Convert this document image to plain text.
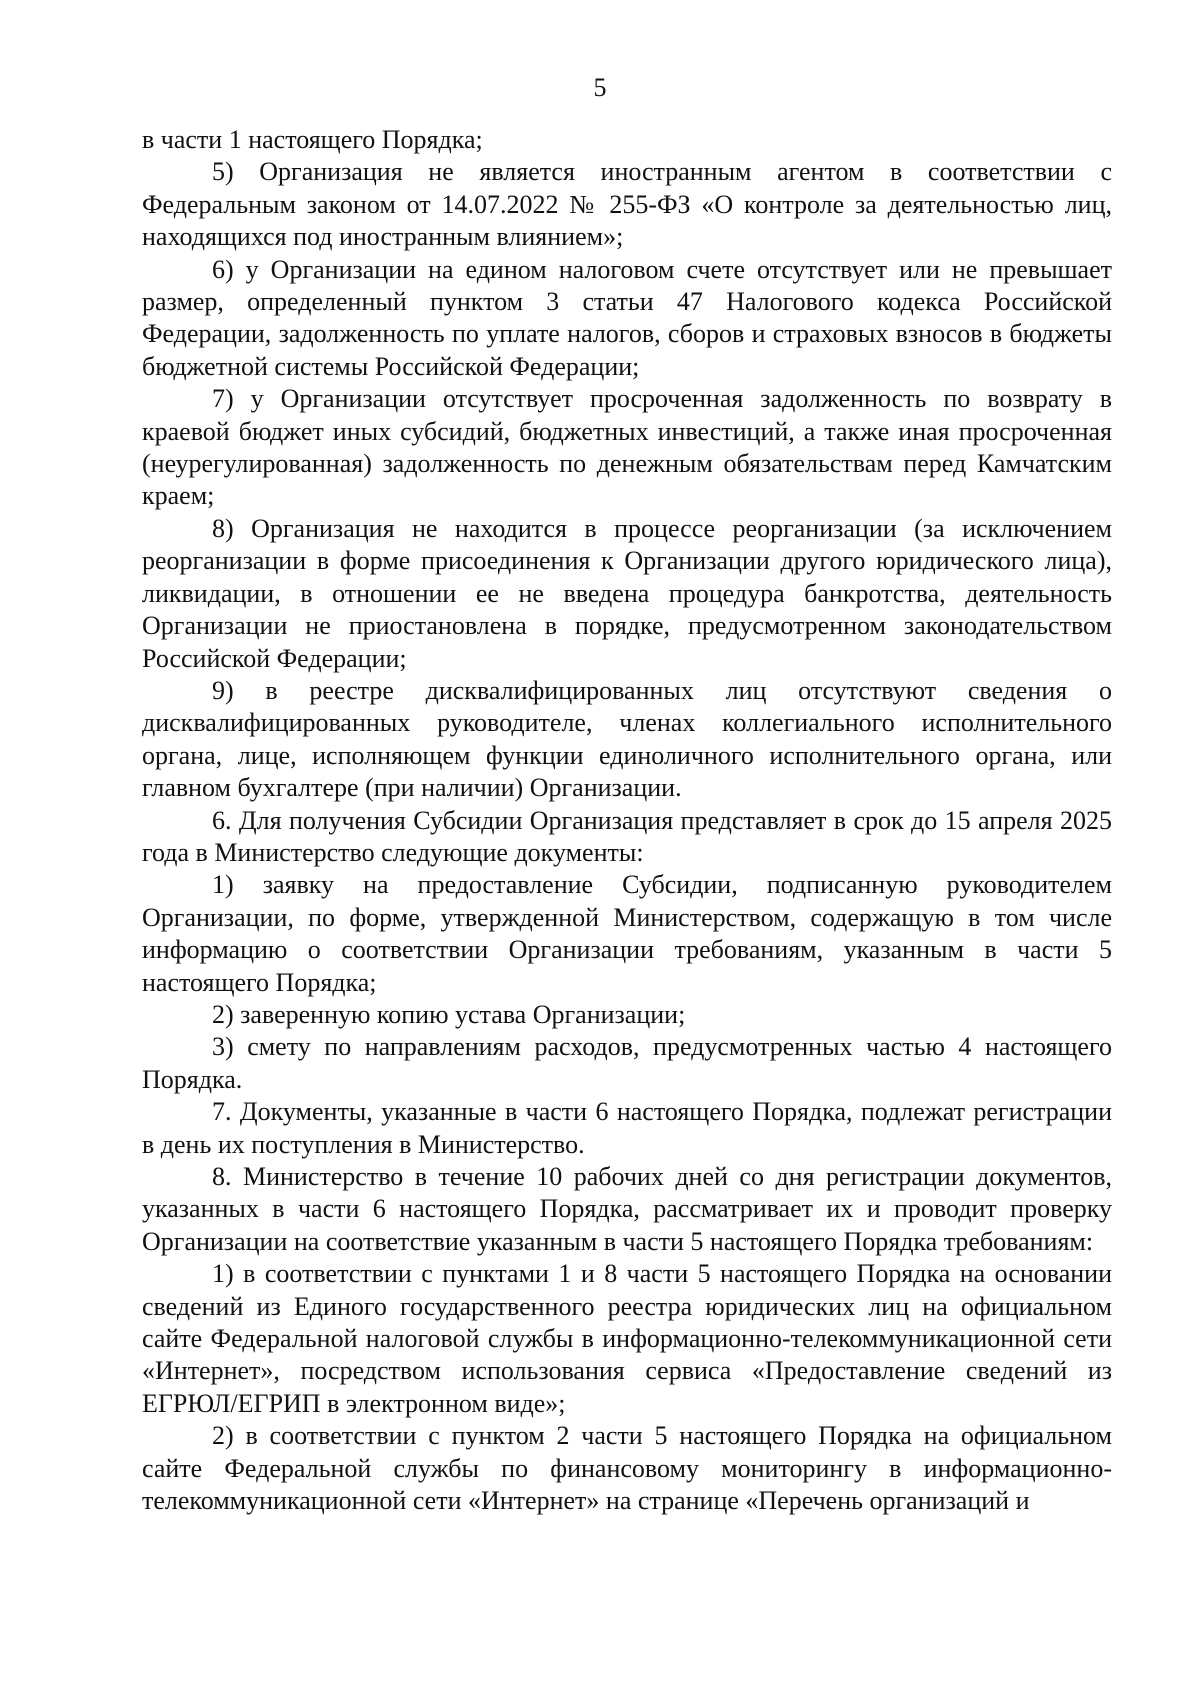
5

в части 1 настоящего Порядка;

5) Организация не является иностранным агентом в соответствии с Федеральным законом от 14.07.2022 № 255-ФЗ «О контроле за деятельностью лиц, находящихся под иностранным влиянием»;

6) у Организации на едином налоговом счете отсутствует или не превышает размер, определенный пунктом 3 статьи 47 Налогового кодекса Российской Федерации, задолженность по уплате налогов, сборов и страховых взносов в бюджеты бюджетной системы Российской Федерации;

7) у Организации отсутствует просроченная задолженность по возврату в краевой бюджет иных субсидий, бюджетных инвестиций, а также иная просроченная (неурегулированная) задолженность по денежным обязательствам перед Камчатским краем;

8) Организация не находится в процессе реорганизации (за исключением реорганизации в форме присоединения к Организации другого юридического лица), ликвидации, в отношении ее не введена процедура банкротства, деятельность Организации не приостановлена в порядке, предусмотренном законодательством Российской Федерации;

9) в реестре дисквалифицированных лиц отсутствуют сведения о дисквалифицированных руководителе, членах коллегиального исполнительного органа, лице, исполняющем функции единоличного исполнительного органа, или главном бухгалтере (при наличии) Организации.

6. Для получения Субсидии Организация представляет в срок до 15 апреля 2025 года в Министерство следующие документы:

1) заявку на предоставление Субсидии, подписанную руководителем Организации, по форме, утвержденной Министерством, содержащую в том числе информацию о соответствии Организации требованиям, указанным в части 5 настоящего Порядка;

2) заверенную копию устава Организации;

3) смету по направлениям расходов, предусмотренных частью 4 настоящего Порядка.

7. Документы, указанные в части 6 настоящего Порядка, подлежат регистрации в день их поступления в Министерство.

8. Министерство в течение 10 рабочих дней со дня регистрации документов, указанных в части 6 настоящего Порядка, рассматривает их и проводит проверку Организации на соответствие указанным в части 5 настоящего Порядка требованиям:

1) в соответствии с пунктами 1 и 8 части 5 настоящего Порядка на основании сведений из Единого государственного реестра юридических лиц на официальном сайте Федеральной налоговой службы в информационно-телекоммуникационной сети «Интернет», посредством использования сервиса «Предоставление сведений из ЕГРЮЛ/ЕГРИП в электронном виде»;

2) в соответствии с пунктом 2 части 5 настоящего Порядка на официальном сайте Федеральной службы по финансовому мониторингу в информационно-телекоммуникационной сети «Интернет» на странице «Перечень организаций и
